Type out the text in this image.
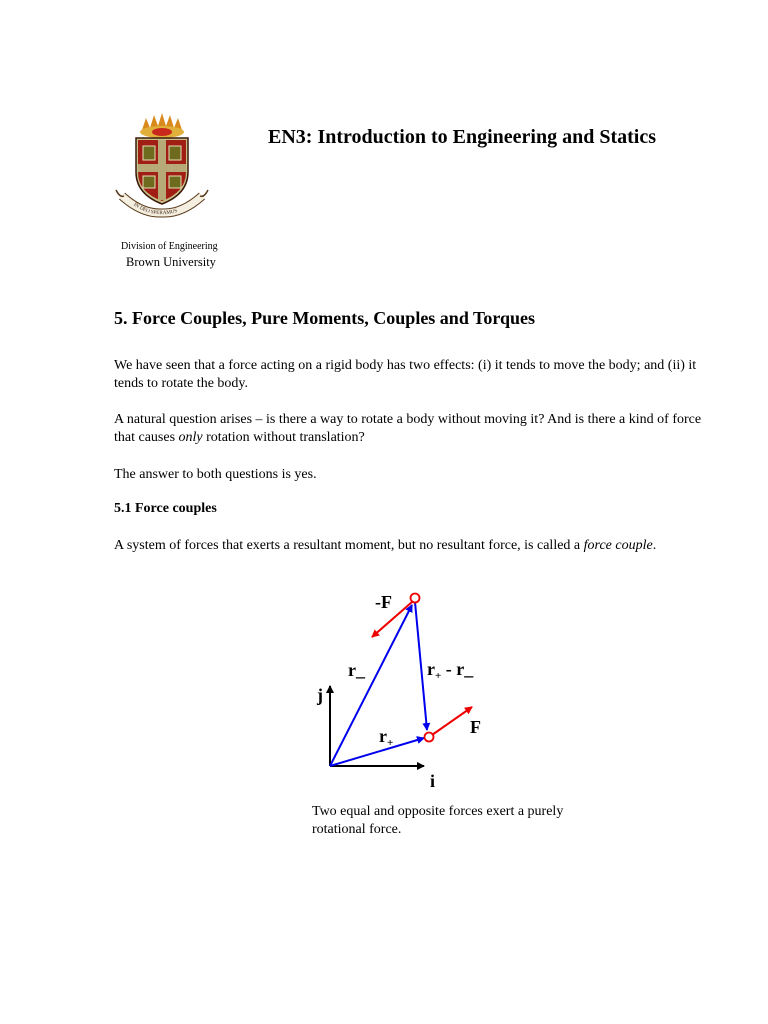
IN DEO SPERAMUS
EN3: Introduction to Engineering and Statics
Division of Engineering
Brown University
5. Force Couples, Pure Moments, Couples and Torques
We have seen that a force acting on a rigid body has two effects: (i) it tends to move the body; and (ii) it tends to rotate the body.
A natural question arises – is there a way to rotate a body without moving it? And is there a kind of force that causes only rotation without translation?
The answer to both questions is yes.
5.1 Force couples
A system of forces that exerts a resultant moment, but no resultant force, is called a force couple.
-F
F
r_
$r_+$
$r_+$ - r_
j
i
Two equal and opposite forces exert a purely rotational force.
